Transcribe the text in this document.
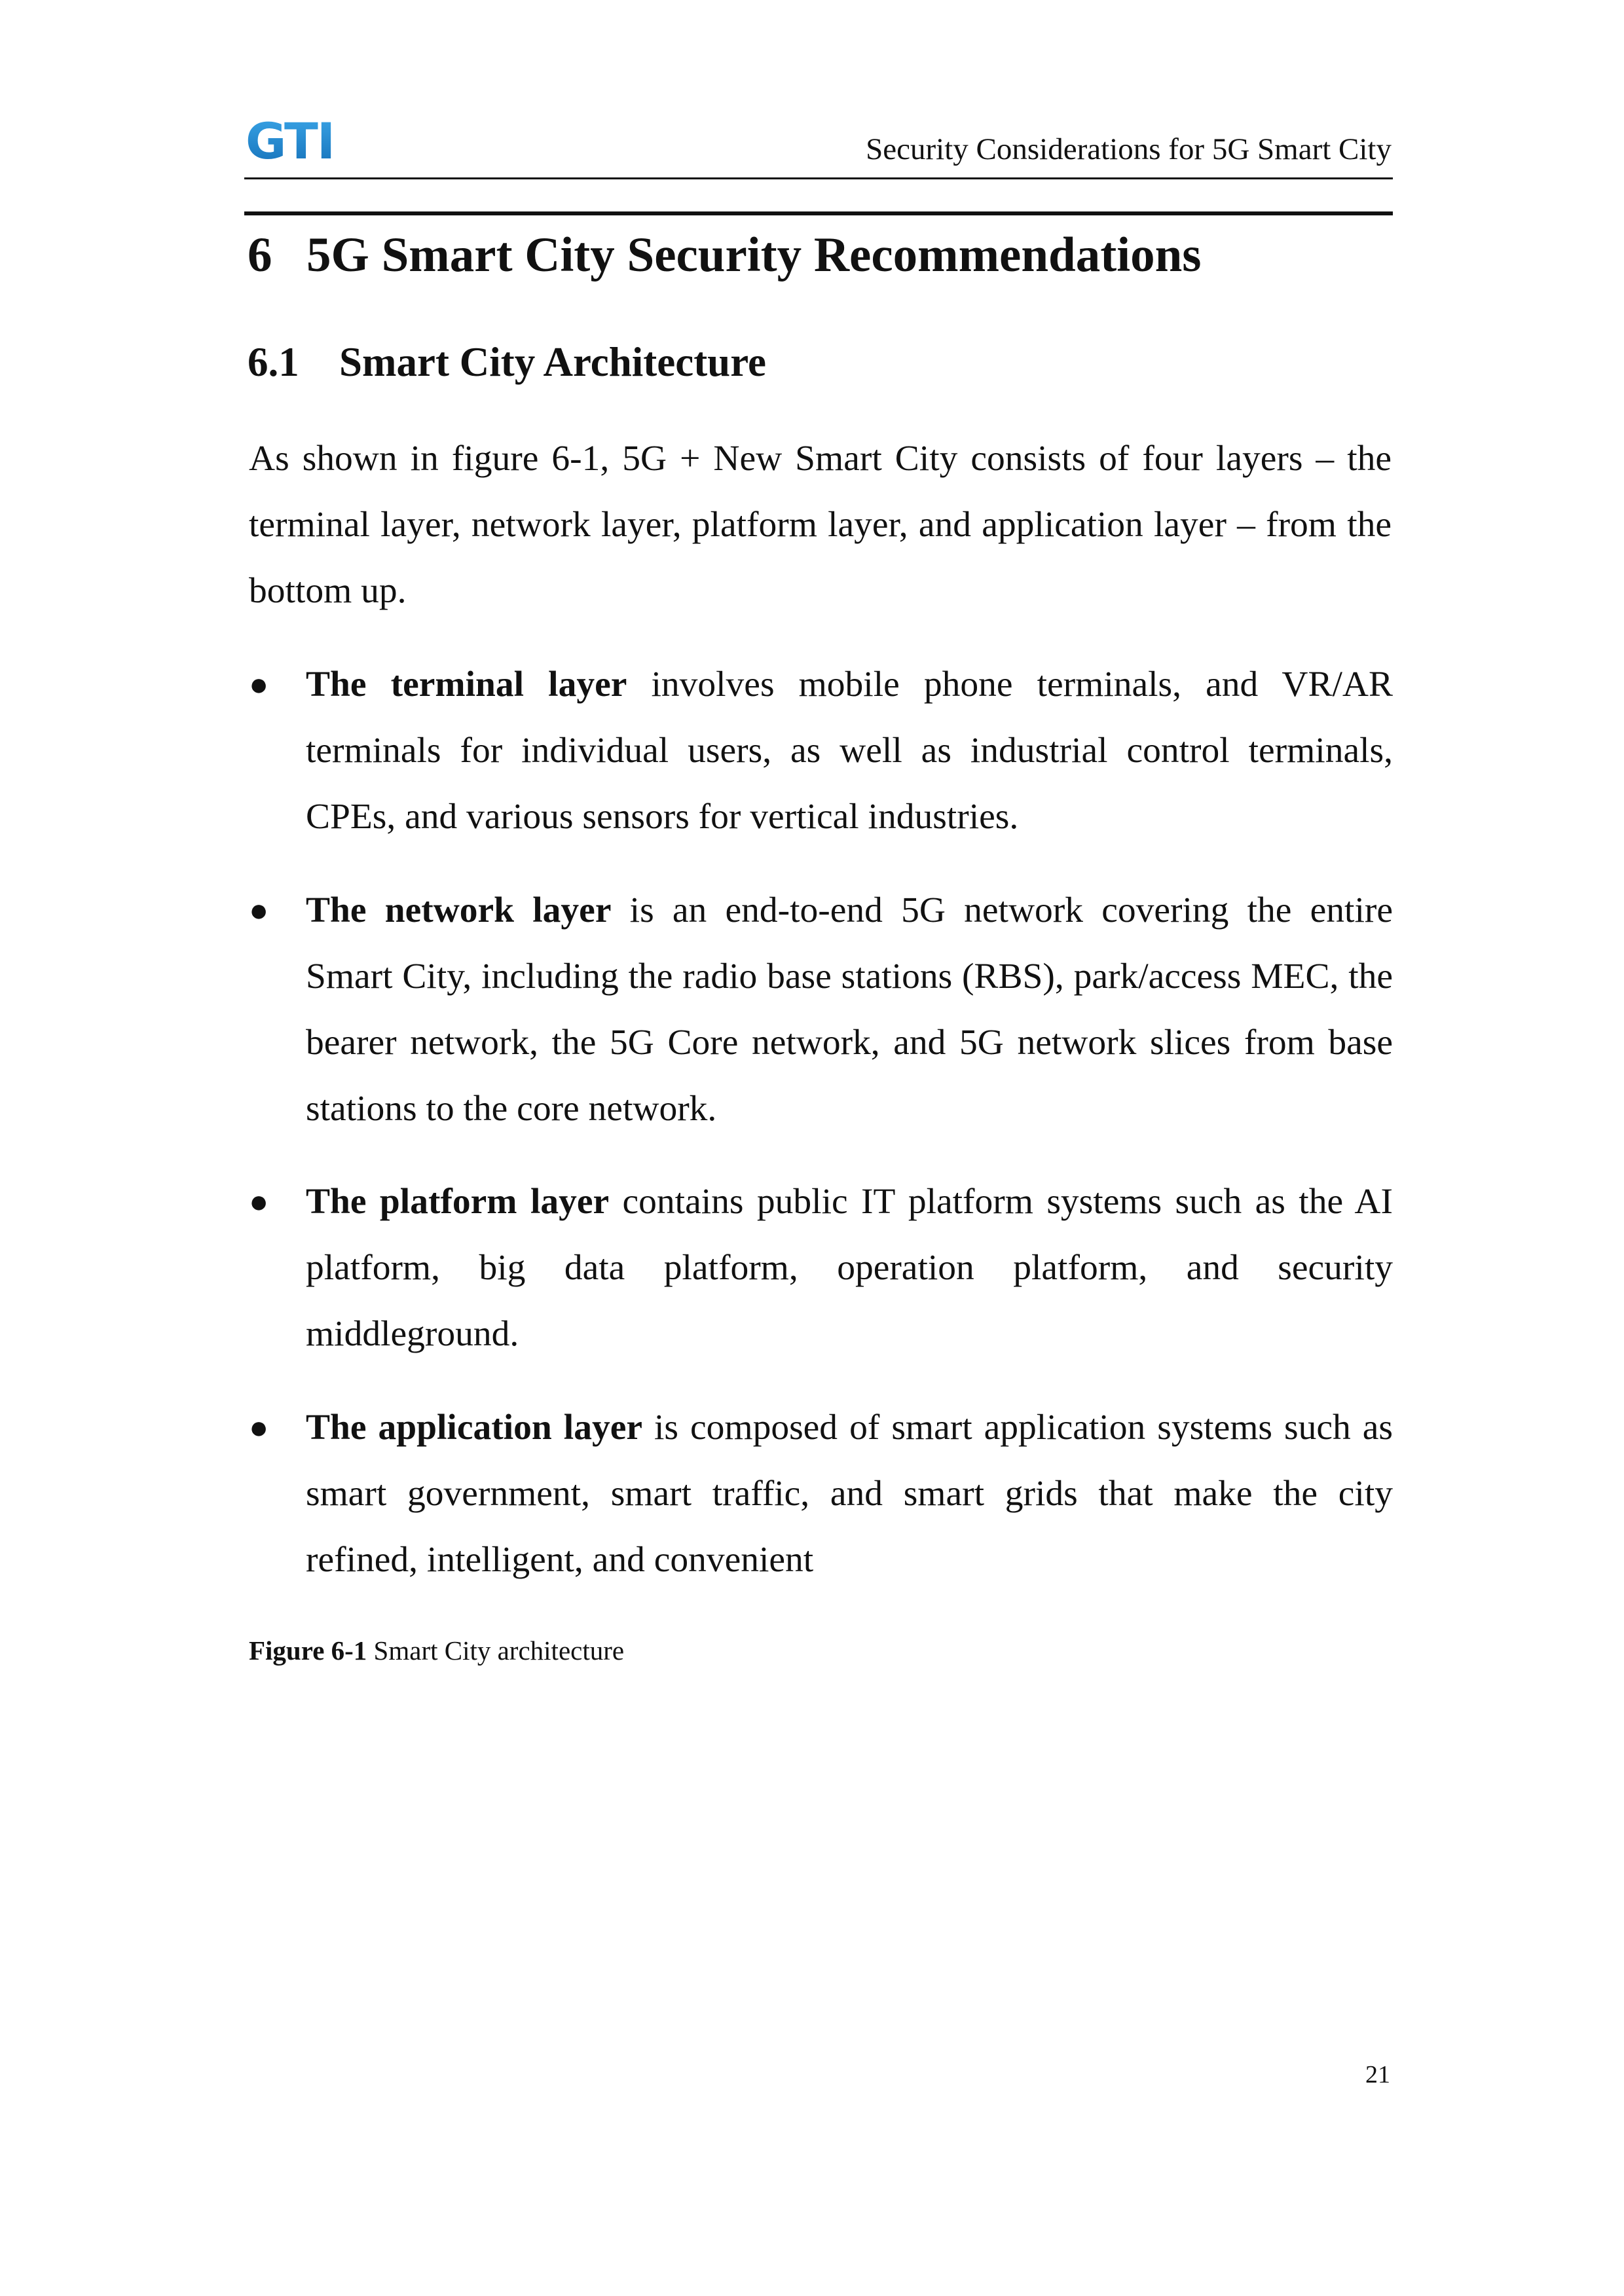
GTI	Security Considerations for 5G Smart City
6 5G Smart City Security Recommendations
6.1 Smart City Architecture
As shown in figure 6-1, 5G + New Smart City consists of four layers – the terminal layer, network layer, platform layer, and application layer – from the bottom up.
●	The terminal layer involves mobile phone terminals, and VR/AR terminals for individual users, as well as industrial control terminals, CPEs, and various sensors for vertical industries.
●	The network layer is an end-to-end 5G network covering the entire Smart City, including the radio base stations (RBS), park/access MEC, the bearer network, the 5G Core network, and 5G network slices from base stations to the core network.
●	The platform layer contains public IT platform systems such as the AI platform, big data platform, operation platform, and security middleground.
●	The application layer is composed of smart application systems such as smart government, smart traffic, and smart grids that make the city refined, intelligent, and convenient
Figure 6-1 Smart City architecture
21
